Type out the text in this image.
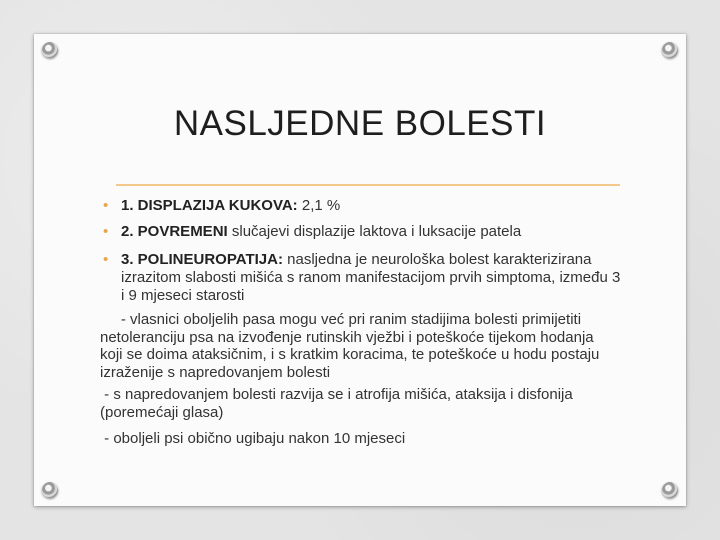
NASLJEDNE BOLESTI
• 1. DISPLAZIJA KUKOVA: 2,1 %
• 2. POVREMENI slučajevi displazije laktova i luksacije patela
• 3. POLINEUROPATIJA: nasljedna je neurološka bolest karakterizirana izrazitom slabosti mišića s ranom manifestacijom prvih simptoma, između 3 i 9 mjeseci starosti
- vlasnici oboljelih pasa mogu već pri ranim stadijima bolesti primijetiti netoleranciju psa na izvođenje rutinskih vježbi i poteškoće tijekom hodanja koji se doima ataksičnim, i s kratkim koracima, te poteškoće u hodu postaju izraženije s napredovanjem bolesti
- s napredovanjem bolesti razvija se i atrofija mišića, ataksija i disfonija (poremećaji glasa)
- oboljeli psi obično ugibaju nakon 10 mjeseci
